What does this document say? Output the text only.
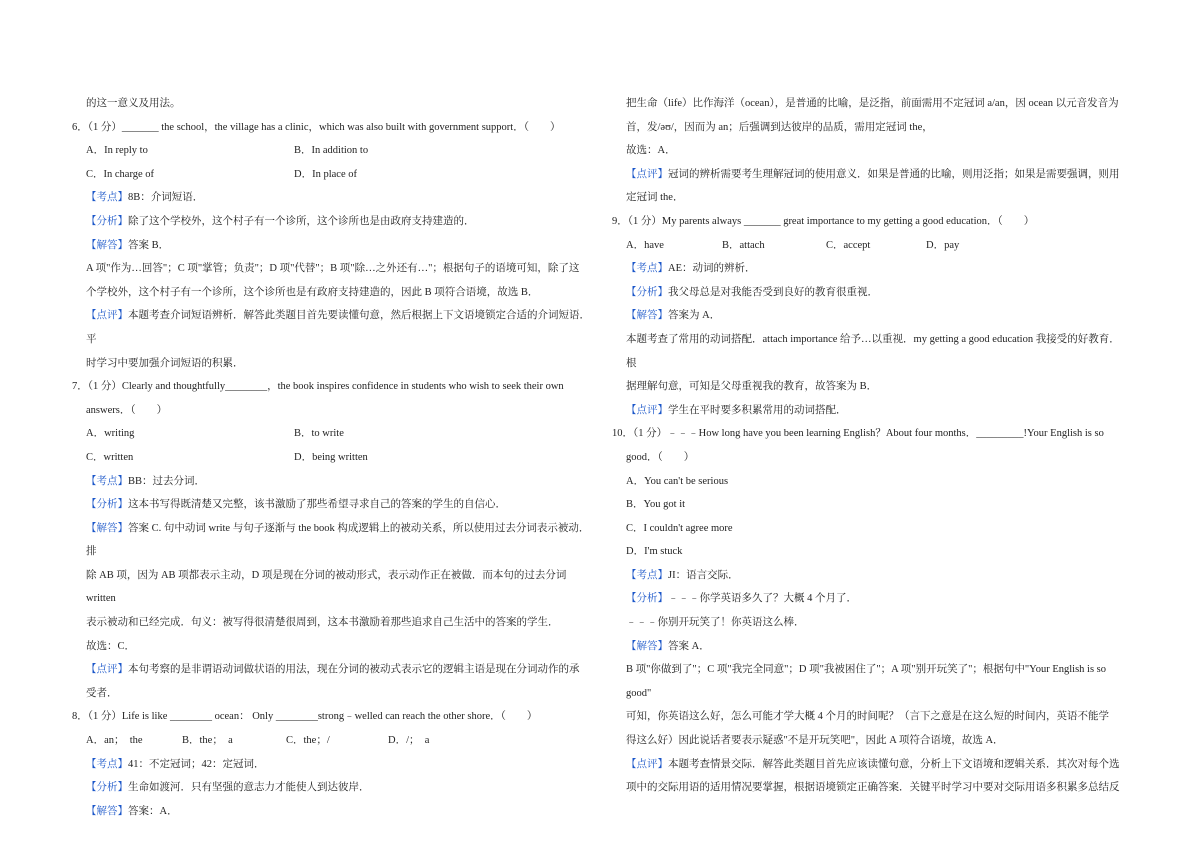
的这一意义及用法。

6．（1 分）_______ the school，the village has a clinic，which was also built with government support．（　　）

A．In reply to	B．In addition to
C．In charge of	D．In place of

【考点】8B：介词短语．

【分析】除了这个学校外，这个村子有一个诊所，这个诊所也是由政府支持建造的．

【解答】答案 B．

A 项"作为…回答"；C 项"掌管；负责"；D 项"代替"；B 项"除…之外还有…"；根据句子的语境可知，除了这

个学校外，这个村子有一个诊所，这个诊所也是有政府支持建造的，因此 B 项符合语境，故选 B．

【点评】本题考查介词短语辨析．解答此类题目首先要读懂句意，然后根据上下文语境锁定合适的介词短语．平

时学习中要加强介词短语的积累．

7．（1 分）Clearly and thoughtfully________，the book inspires confidence in students who wish to seek their own

answers．（　　）

A．writing	B．to write
C．written	D．being written

【考点】BB：过去分词．

【分析】这本书写得既清楚又完整，该书激励了那些希望寻求自己的答案的学生的自信心．

【解答】答案 C. 句中动词 write 与句子逐渐与 the book 构成逻辑上的被动关系，所以使用过去分词表示被动．排

除 AB 项，因为 AB 项都表示主动，D 项是现在分词的被动形式，表示动作正在被做．而本句的过去分词 written

表示被动和已经完成．句义：被写得很清楚很周到，这本书激励着那些追求自己生活中的答案的学生．

故选：C．

【点评】本句考察的是非谓语动词做状语的用法，现在分词的被动式表示它的逻辑主语是现在分词动作的承

受者．

8．（1 分）Life is like ________ ocean： Only ________strong﹣welled can reach the other shore．（　　）

A．an；　the	B．the；　a	C．the；/	D．/；　a

【考点】41：不定冠词；42：定冠词．

【分析】生命如渡河．只有坚强的意志力才能使人到达彼岸．

【解答】答案：A．

把生命（life）比作海洋（ocean），是普通的比喻，是泛指，前面需用不定冠词 a/an，因 ocean 以元音发音为

首，发/əʊ/，因而为 an；后强调到达彼岸的品质，需用定冠词 the，

故选：A．

【点评】冠词的辨析需要考生理解冠词的使用意义．如果是普通的比喻，则用泛指；如果是需要强调，则用

定冠词 the．

9．（1 分）My parents always _______ great importance to my getting a good education．（　　）

A．have	B．attach	C．accept	D．pay

【考点】AE：动词的辨析．

【分析】我父母总是对我能否受到良好的教育很重视．

【解答】答案为 A．

本题考查了常用的动词搭配．attach importance 给予…以重视．my getting a good education 我接受的好教育．根

据理解句意，可知是父母重视我的教育，故答案为 B．

【点评】学生在平时要多积累常用的动词搭配．

10．（1 分）﹣﹣﹣How long have you been learning English？About four months．_________!Your English is so

good．（　　）

A．You can't be serious

B．You got it

C．I couldn't agree more

D．I'm stuck

【考点】JI：语言交际．

【分析】﹣﹣﹣你学英语多久了？大概 4 个月了．

﹣﹣﹣你别开玩笑了！你英语这么棒．

【解答】答案 A．

B 项"你做到了"；C 项"我完全同意"；D 项"我被困住了"；A 项"别开玩笑了"；根据句中"Your English is so good"

可知，你英语这么好，怎么可能才学大概 4 个月的时间呢？（言下之意是在这么短的时间内，英语不能学

得这么好）因此说话者要表示疑惑"不是开玩笑吧"，因此 A 项符合语境，故选 A．

【点评】本题考查情景交际．解答此类题目首先应该读懂句意，分析上下文语境和逻辑关系．其次对每个选

项中的交际用语的适用情况要掌握，根据语境锁定正确答案．关键平时学习中要对交际用语多积累多总结反
